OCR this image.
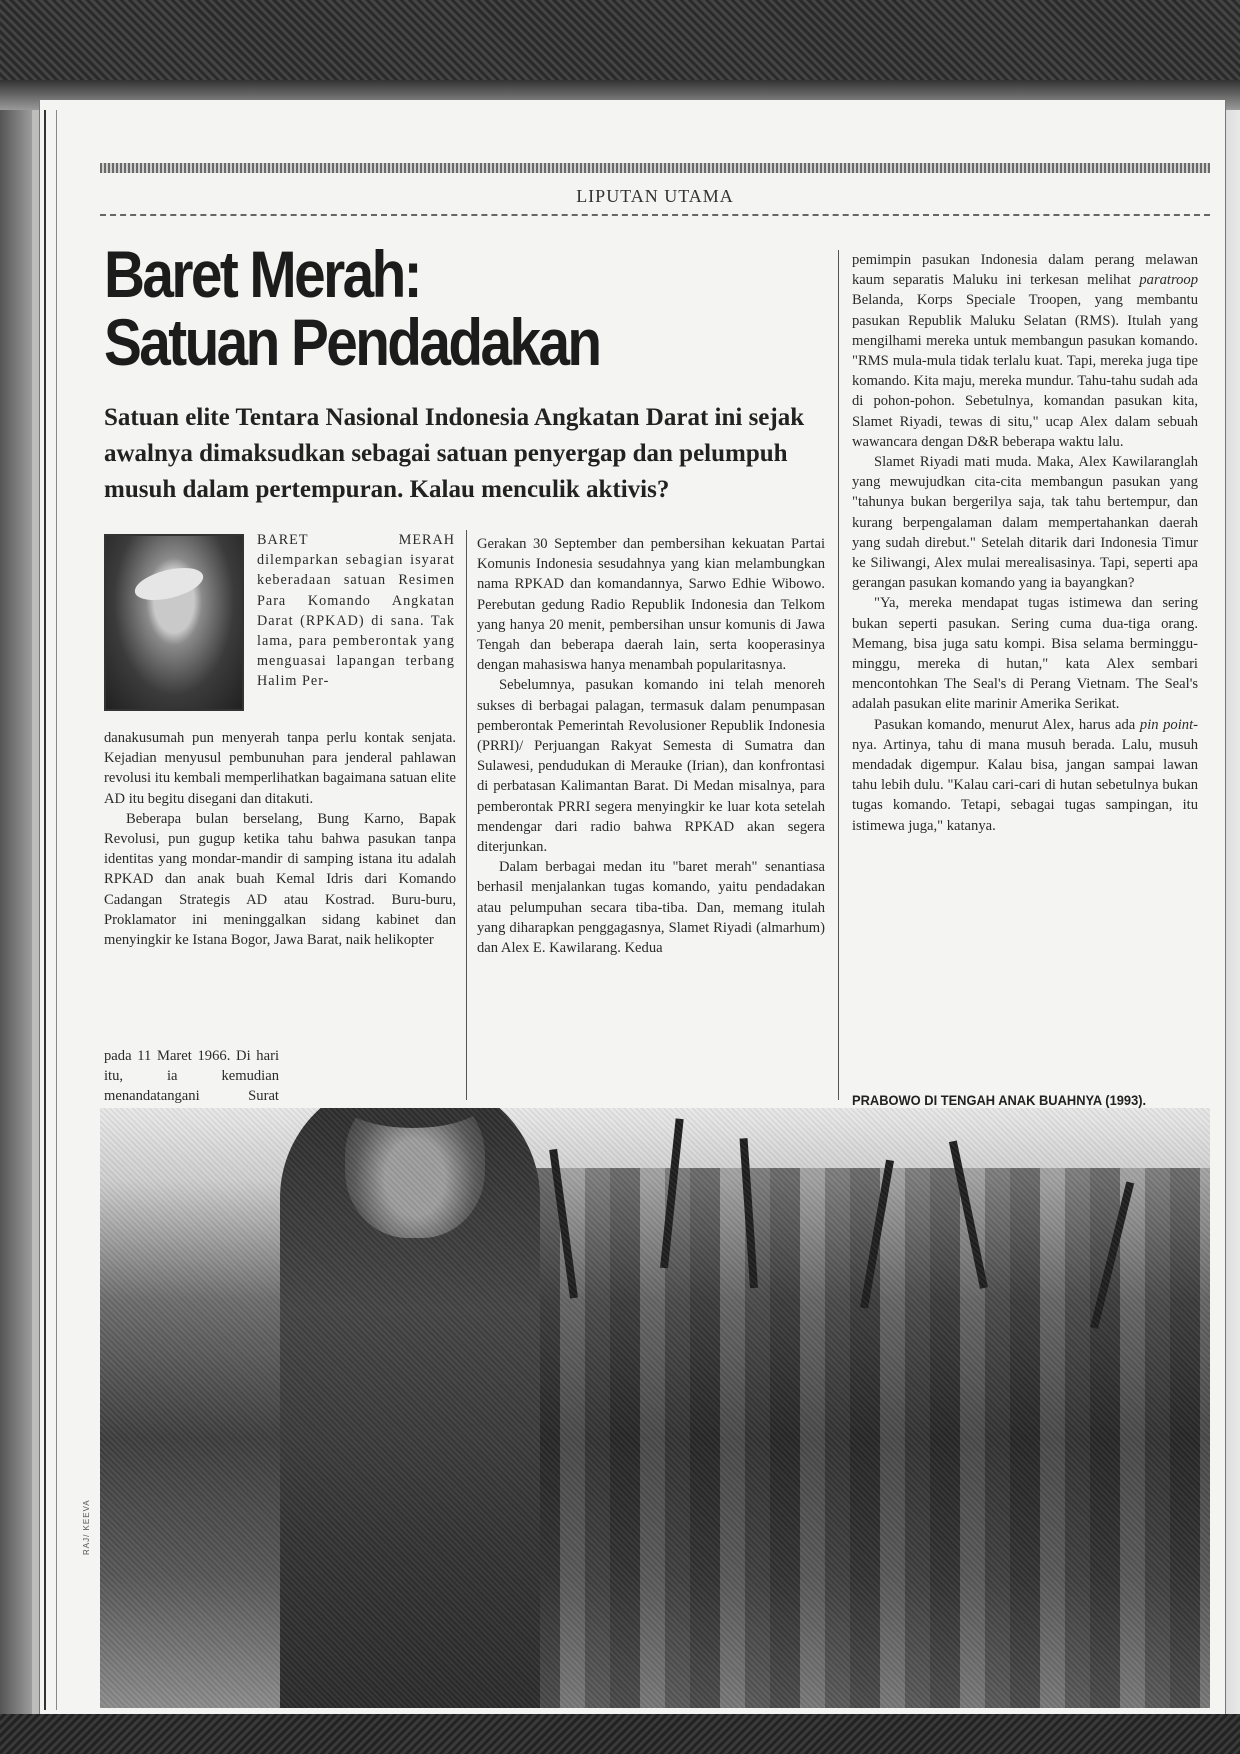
LIPUTAN UTAMA
Baret Merah:
Satuan Pendadakan

Satuan elite Tentara Nasional Indonesia Angkatan Darat ini sejak awalnya dimaksudkan sebagai satuan penyergap dan pelumpuh musuh dalam pertempuran. Kalau menculik aktivis?

BARET MERAH dilemparkan sebagian isyarat keberadaan satuan Resimen Para Komando Angkatan Darat (RPKAD) di sana. Tak lama, para pemberontak yang menguasai lapangan terbang Halim Per-

danakusumah pun menyerah tanpa perlu kontak senjata. Kejadian menyusul pembunuhan para jenderal pahlawan revolusi itu kembali memperlihatkan bagaimana satuan elite AD itu begitu disegani dan ditakuti.

Beberapa bulan berselang, Bung Karno, Bapak Revolusi, pun gugup ketika tahu bahwa pasukan tanpa identitas yang mondar-mandir di samping istana itu adalah RPKAD dan anak buah Kemal Idris dari Komando Cadangan Strategis AD atau Kostrad. Buru-buru, Proklamator ini meninggalkan sidang kabinet dan menyingkir ke Istana Bogor, Jawa Barat, naik helikopter

pada 11 Maret 1966. Di hari itu, ia kemudian menandatangani Surat

Gerakan 30 September dan pembersihan kekuatan Partai Komunis Indonesia sesudahnya yang kian melambungkan nama RPKAD dan komandannya, Sarwo Edhie Wibowo. Perebutan gedung Radio Republik Indonesia dan Telkom yang hanya 20 menit, pembersihan unsur komunis di Jawa Tengah dan beberapa daerah lain, serta kooperasinya dengan mahasiswa hanya menambah popularitasnya.

Sebelumnya, pasukan komando ini telah menoreh sukses di berbagai palagan, termasuk dalam penumpasan pemberontak Pemerintah Revolusioner Republik Indonesia (PRRI)/ Perjuangan Rakyat Semesta di Sumatra dan Sulawesi, pendudukan di Merauke (Irian), dan konfrontasi di perbatasan Kalimantan Barat. Di Medan misalnya, para pemberontak PRRI segera menyingkir ke luar kota setelah mendengar dari radio bahwa RPKAD akan segera diterjunkan.

Dalam berbagai medan itu "baret merah" senantiasa berhasil menjalankan tugas komando, yaitu pendadakan atau pelumpuhan secara tiba-tiba. Dan, memang itulah yang diharapkan penggagasnya, Slamet Riyadi (almarhum) dan Alex E. Kawilarang. Kedua

pemimpin pasukan Indonesia dalam perang melawan kaum separatis Maluku ini terkesan melihat paratroop Belanda, Korps Speciale Troopen, yang membantu pasukan Republik Maluku Selatan (RMS). Itulah yang mengilhami mereka untuk membangun pasukan komando. "RMS mula-mula tidak terlalu kuat. Tapi, mereka juga tipe komando. Kita maju, mereka mundur. Tahu-tahu sudah ada di pohon-pohon. Sebetulnya, komandan pasukan kita, Slamet Riyadi, tewas di situ," ucap Alex dalam sebuah wawancara dengan D&R beberapa waktu lalu.

Slamet Riyadi mati muda. Maka, Alex Kawilaranglah yang mewujudkan cita-cita membangun pasukan yang "tahunya bukan bergerilya saja, tak tahu bertempur, dan kurang berpengalaman dalam mempertahankan daerah yang sudah direbut." Setelah ditarik dari Indonesia Timur ke Siliwangi, Alex mulai merealisasinya. Tapi, seperti apa gerangan pasukan komando yang ia bayangkan?

"Ya, mereka mendapat tugas istimewa dan sering bukan seperti pasukan. Sering cuma dua-tiga orang. Memang, bisa juga satu kompi. Bisa selama berminggu-minggu, mereka di hutan," kata Alex sembari mencontohkan The Seal's di Perang Vietnam. The Seal's adalah pasukan elite marinir Amerika Serikat.

Pasukan komando, menurut Alex, harus ada pin point-nya. Artinya, tahu di mana musuh berada. Lalu, musuh mendadak digempur. Kalau bisa, jangan sampai lawan tahu lebih dulu. "Kalau cari-cari di hutan sebetulnya bukan tugas komando. Tetapi, sebagai tugas sampingan, itu istimewa juga," katanya.

PRABOWO DI TENGAH ANAK BUAHNYA (1993).

RAJ/ KEEVA
